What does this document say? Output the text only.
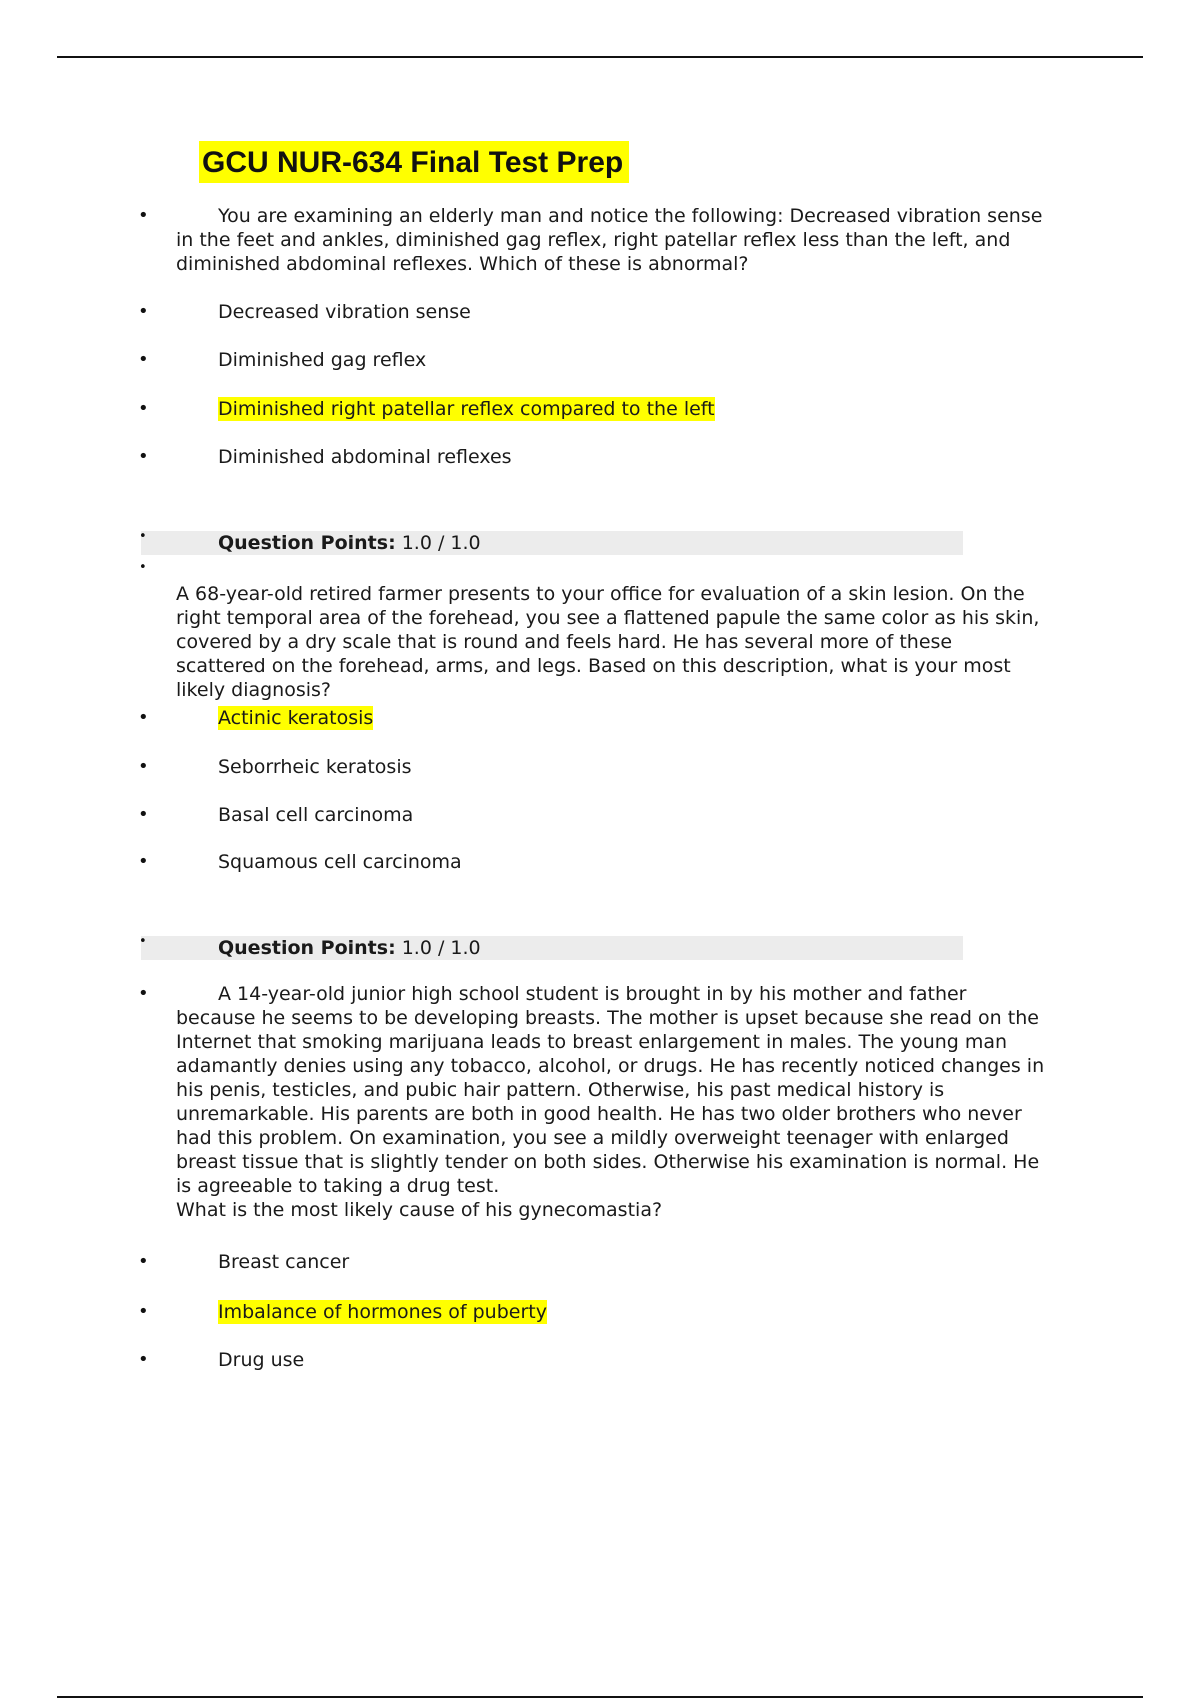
GCU NUR-634 Final Test Prep
•	You are examining an elderly man and notice the following: Decreased vibration sense in the feet and ankles, diminished gag reflex, right patellar reflex less than the left, and diminished abdominal reflexes. Which of these is abnormal?

•	Decreased vibration sense
•	Diminished gag reflex
•	Diminished right patellar reflex compared to the left
•	Diminished abdominal reflexes
•	Question Points: 1.0 / 1.0
•

A 68-year-old retired farmer presents to your office for evaluation of a skin lesion. On the right temporal area of the forehead, you see a flattened papule the same color as his skin, covered by a dry scale that is round and feels hard. He has several more of these scattered on the forehead, arms, and legs. Based on this description, what is your most likely diagnosis?

•	Actinic keratosis
•	Seborrheic keratosis
•	Basal cell carcinoma
•	Squamous cell carcinoma
•	Question Points: 1.0 / 1.0
•	A 14-year-old junior high school student is brought in by his mother and father because he seems to be developing breasts. The mother is upset because she read on the Internet that smoking marijuana leads to breast enlargement in males. The young man adamantly denies using any tobacco, alcohol, or drugs. He has recently noticed changes in his penis, testicles, and pubic hair pattern. Otherwise, his past medical history is unremarkable. His parents are both in good health. He has two older brothers who never had this problem. On examination, you see a mildly overweight teenager with enlarged breast tissue that is slightly tender on both sides. Otherwise his examination is normal. He is agreeable to taking a drug test.
What is the most likely cause of his gynecomastia?

•	Breast cancer
•	Imbalance of hormones of puberty
•	Drug use
